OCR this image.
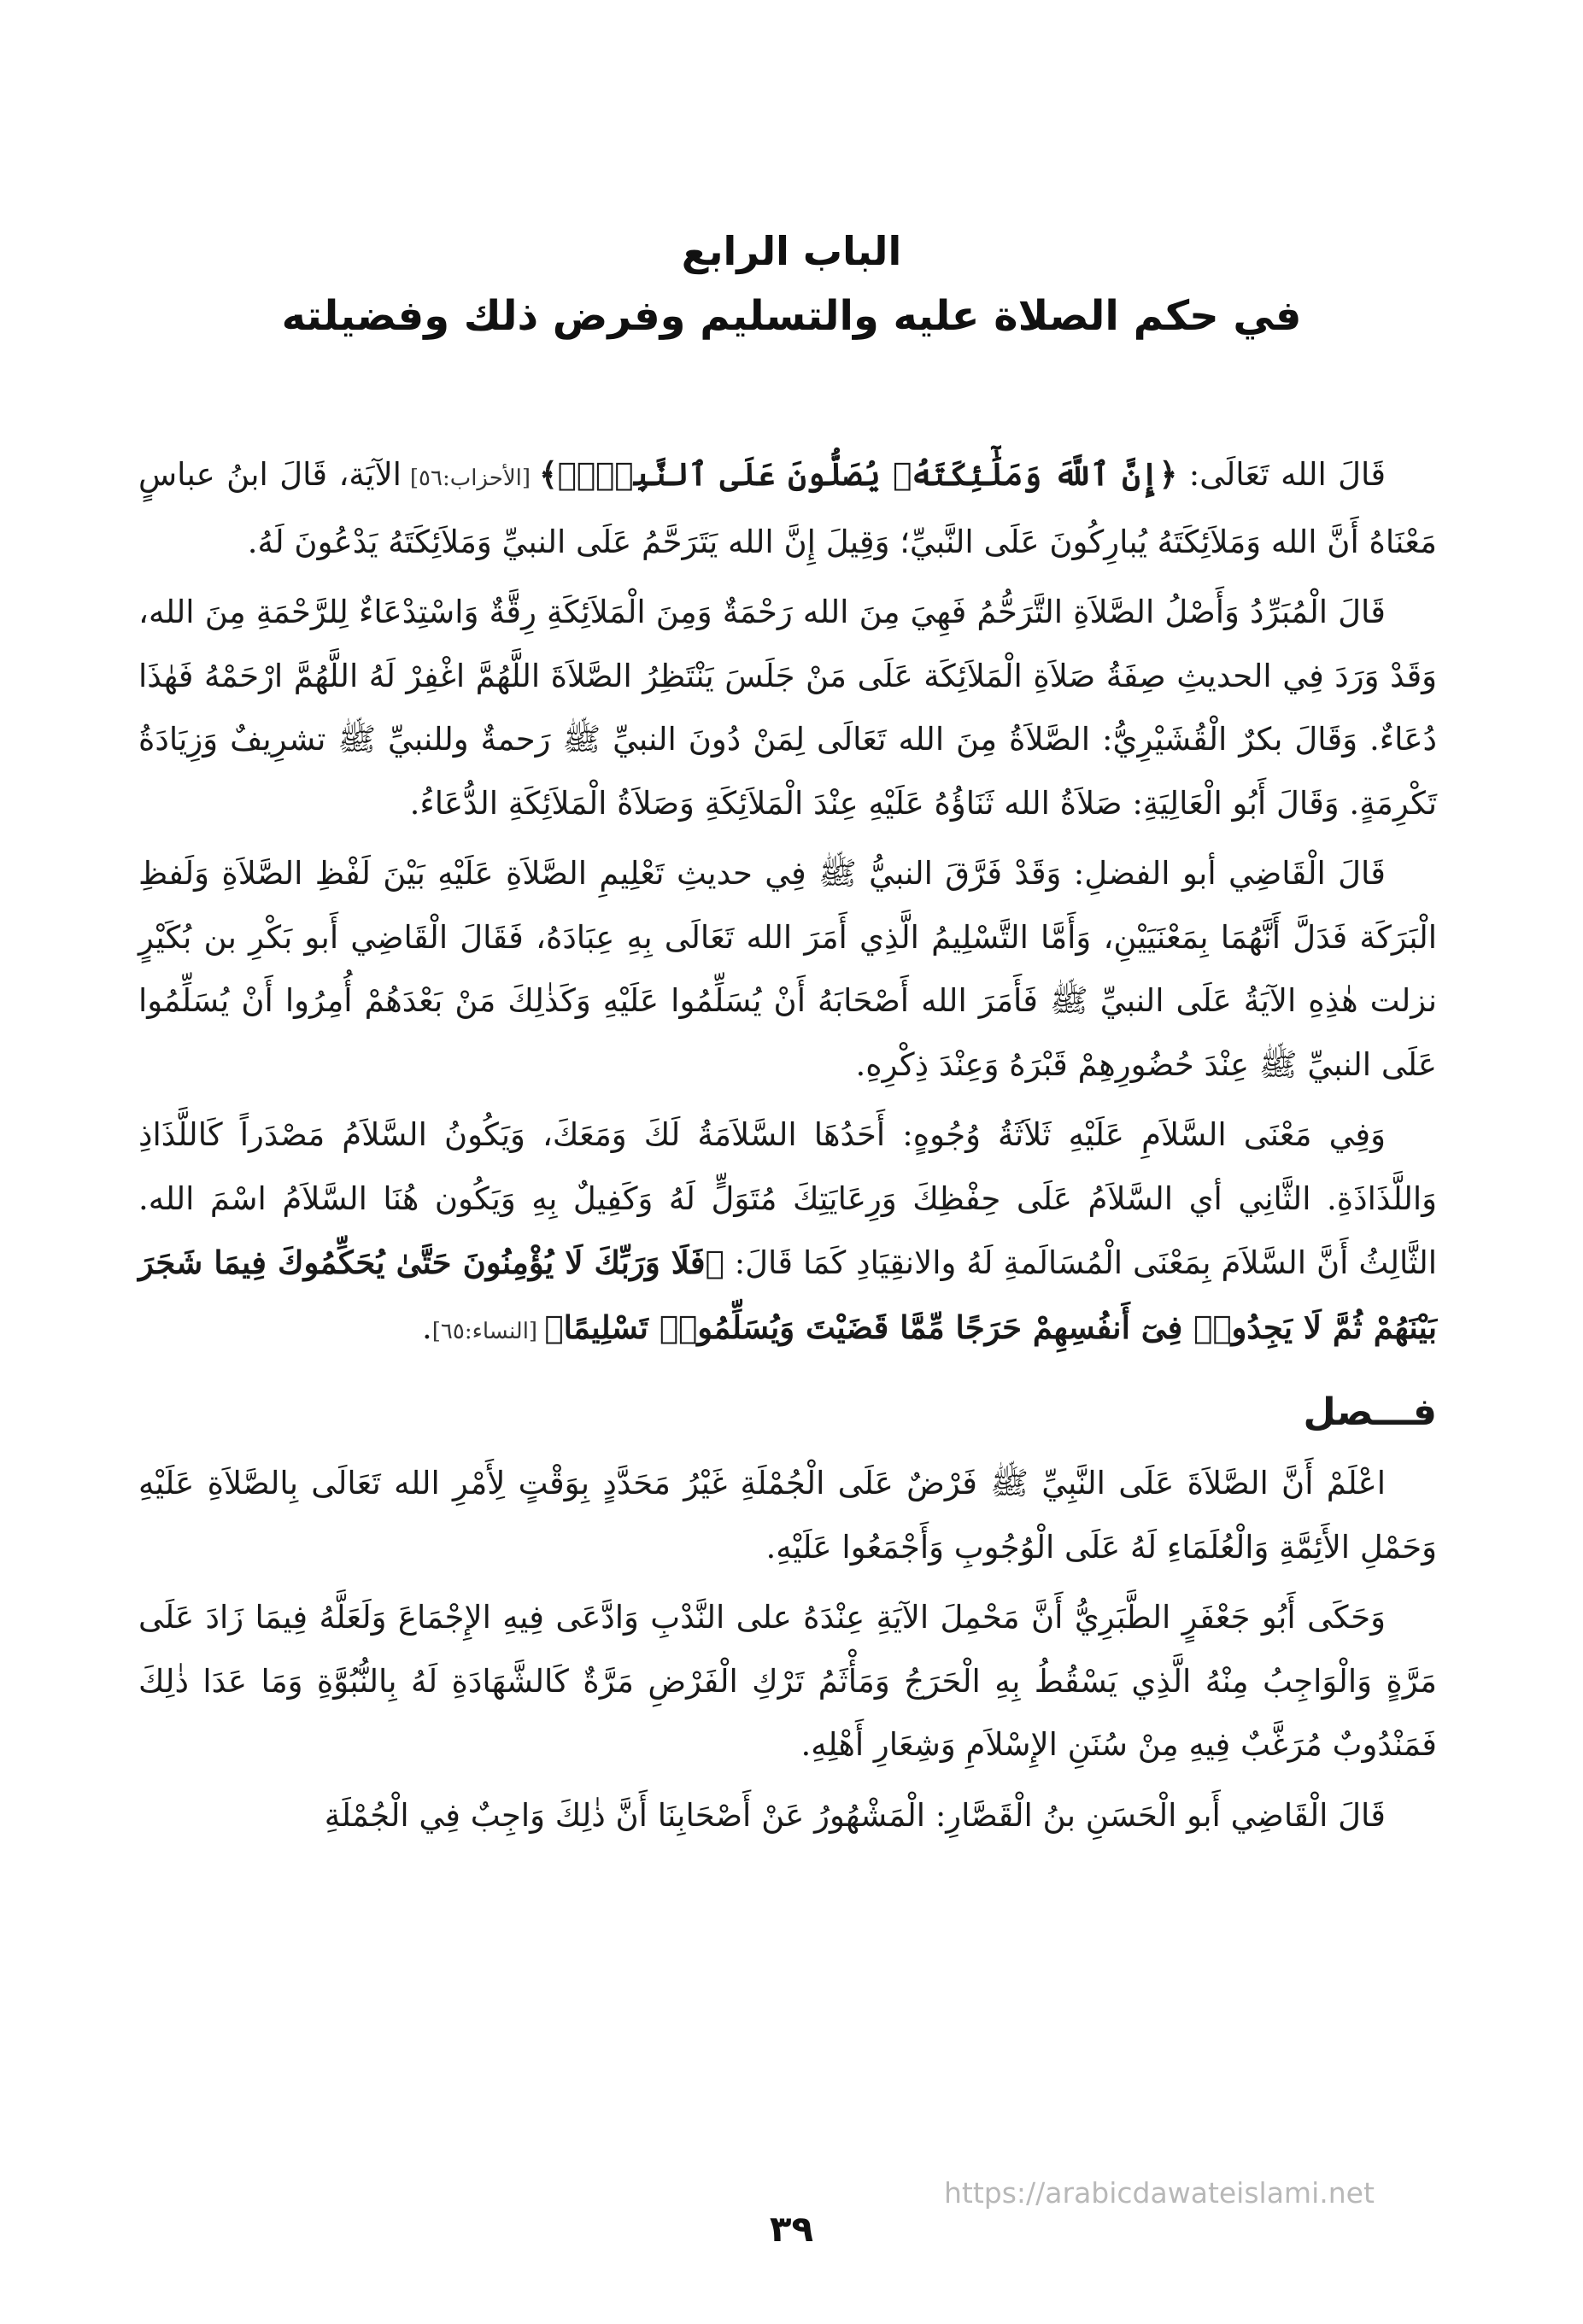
الباب الرابع
في حكم الصلاة عليه والتسليم وفرض ذلك وفضيلته

قَالَ الله تَعَالَى: ﴿إِنَّ ٱللَّهَ وَمَلَٰٓئِكَتَهُۥ يُصَلُّونَ عَلَى ٱلنَّبِىِّۚ﴾ [الأحزاب:٥٦] الآيَة، قَالَ ابنُ عباسٍ مَعْنَاهُ أَنَّ الله وَمَلاَئِكَتَهُ يُبارِكُونَ عَلَى النَّبيِّ؛ وَقِيلَ إِنَّ الله يَتَرَحَّمُ عَلَى النبيِّ وَمَلاَئِكَتَهُ يَدْعُونَ لَهُ.

قَالَ الْمُبَرِّدُ وَأَصْلُ الصَّلاَةِ التَّرَحُّمُ فَهِيَ مِنَ الله رَحْمَةٌ وَمِنَ الْمَلاَئِكَةِ رِقَّةٌ وَاسْتِدْعَاءٌ لِلرَّحْمَةِ مِنَ الله، وَقَدْ وَرَدَ فِي الحديثِ صِفَةُ صَلاَةِ الْمَلاَئِكَة عَلَى مَنْ جَلَسَ يَنْتَظِرُ الصَّلاَةَ اللَّهُمَّ اغْفِرْ لَهُ اللَّهُمَّ ارْحَمْهُ فَهٰذَا دُعَاءٌ. وَقَالَ بكرٌ الْقُشَيْرِيُّ: الصَّلاَةُ مِنَ الله تَعَالَى لِمَنْ دُونَ النبيِّ ﷺ رَحمةٌ وللنبيِّ ﷺ تشرِيفٌ وَزِيَادَةُ تَكْرِمَةٍ. وَقَالَ أَبُو الْعَالِيَةِ: صَلاَةُ الله ثَنَاؤُهُ عَلَيْهِ عِنْدَ الْمَلاَئِكَةِ وَصَلاَةُ الْمَلاَئِكَةِ الدُّعَاءُ.

قَالَ الْقَاضِي أبو الفضلِ: وَقَدْ فَرَّقَ النبيُّ ﷺ فِي حديثِ تَعْلِيمِ الصَّلاَةِ عَلَيْهِ بَيْنَ لَفْظِ الصَّلاَةِ وَلَفظِ الْبَرَكَة فَدَلَّ أَنَّهُمَا بِمَعْنَيَيْنِ، وَأَمَّا التَّسْلِيمُ الَّذِي أَمَرَ الله تَعَالَى بِهِ عِبَادَهُ، فَقَالَ الْقَاضِي أَبو بَكْرِ بن بُكَيْرٍ نزلت هٰذِهِ الآيَةُ عَلَى النبيِّ ﷺ فَأَمَرَ الله أَصْحَابَهُ أَنْ يُسَلِّمُوا عَلَيْهِ وَكَذٰلِكَ مَنْ بَعْدَهُمْ أُمِرُوا أَنْ يُسَلِّمُوا عَلَى النبيِّ ﷺ عِنْدَ حُضُورِهِمْ قَبْرَهُ وَعِنْدَ ذِكْرِهِ.

وَفِي مَعْنَى السَّلاَمِ عَلَيْهِ ثَلاَثَةُ وُجُوهٍ: أَحَدُهَا السَّلاَمَةُ لَكَ وَمَعَكَ، وَيَكُونُ السَّلاَمُ مَصْدَراً كَاللَّذَاذِ وَاللَّذَاذَةِ. الثَّانِي أي السَّلاَمُ عَلَى حِفْظِكَ وَرِعَايَتِكَ مُتَوَلٍّ لَهُ وَكَفِيلٌ بِهِ وَيَكُون هُنَا السَّلاَمُ اسْمَ الله. الثَّالِثُ أَنَّ السَّلاَمَ بِمَعْنَى الْمُسَالَمةِ لَهُ والانقِيَادِ كَمَا قَالَ: ﴿فَلَا وَرَبِّكَ لَا يُؤْمِنُونَ حَتَّىٰ يُحَكِّمُوكَ فِيمَا شَجَرَ بَيْنَهُمْ ثُمَّ لَا يَجِدُوا۟ فِىٓ أَنفُسِهِمْ حَرَجًا مِّمَّا قَضَيْتَ وَيُسَلِّمُوا۟ تَسْلِيمًا﴾ [النساء:٦٥].

فـــصل

اعْلَمْ أَنَّ الصَّلاَةَ عَلَى النَّبِيِّ ﷺ فَرْضٌ عَلَى الْجُمْلَةِ غَيْرُ مَحَدَّدٍ بِوَقْتٍ لِأَمْرِ الله تَعَالَى بِالصَّلاَةِ عَلَيْهِ وَحَمْلِ الأَئِمَّةِ وَالْعُلَمَاءِ لَهُ عَلَى الْوُجُوبِ وَأَجْمَعُوا عَلَيْهِ.

وَحَكَى أَبُو جَعْفَرٍ الطَّبَرِيُّ أَنَّ مَحْمِلَ الآيَةِ عِنْدَهُ على النَّدْبِ وَادَّعَى فِيهِ الإِجْمَاعَ وَلَعَلَّهُ فِيمَا زَادَ عَلَى مَرَّةٍ وَالْوَاجِبُ مِنْهُ الَّذِي يَسْقُطُ بِهِ الْحَرَجُ وَمَأْثَمُ تَرْكِ الْفَرْضِ مَرَّةٌ كَالشَّهَادَةِ لَهُ بِالنُّبُوَّةِ وَمَا عَدَا ذٰلِكَ فَمَنْدُوبٌ مُرَغَّبٌ فِيهِ مِنْ سُنَنِ الإِسْلاَمِ وَشِعَارِ أَهْلِهِ.

قَالَ الْقَاضِي أَبو الْحَسَنِ بنُ الْقَصَّارِ: الْمَشْهُورُ عَنْ أَصْحَابِنَا أَنَّ ذٰلِكَ وَاجِبٌ فِي الْجُمْلَةِ

https://arabicdawateislami.net
٣٩
